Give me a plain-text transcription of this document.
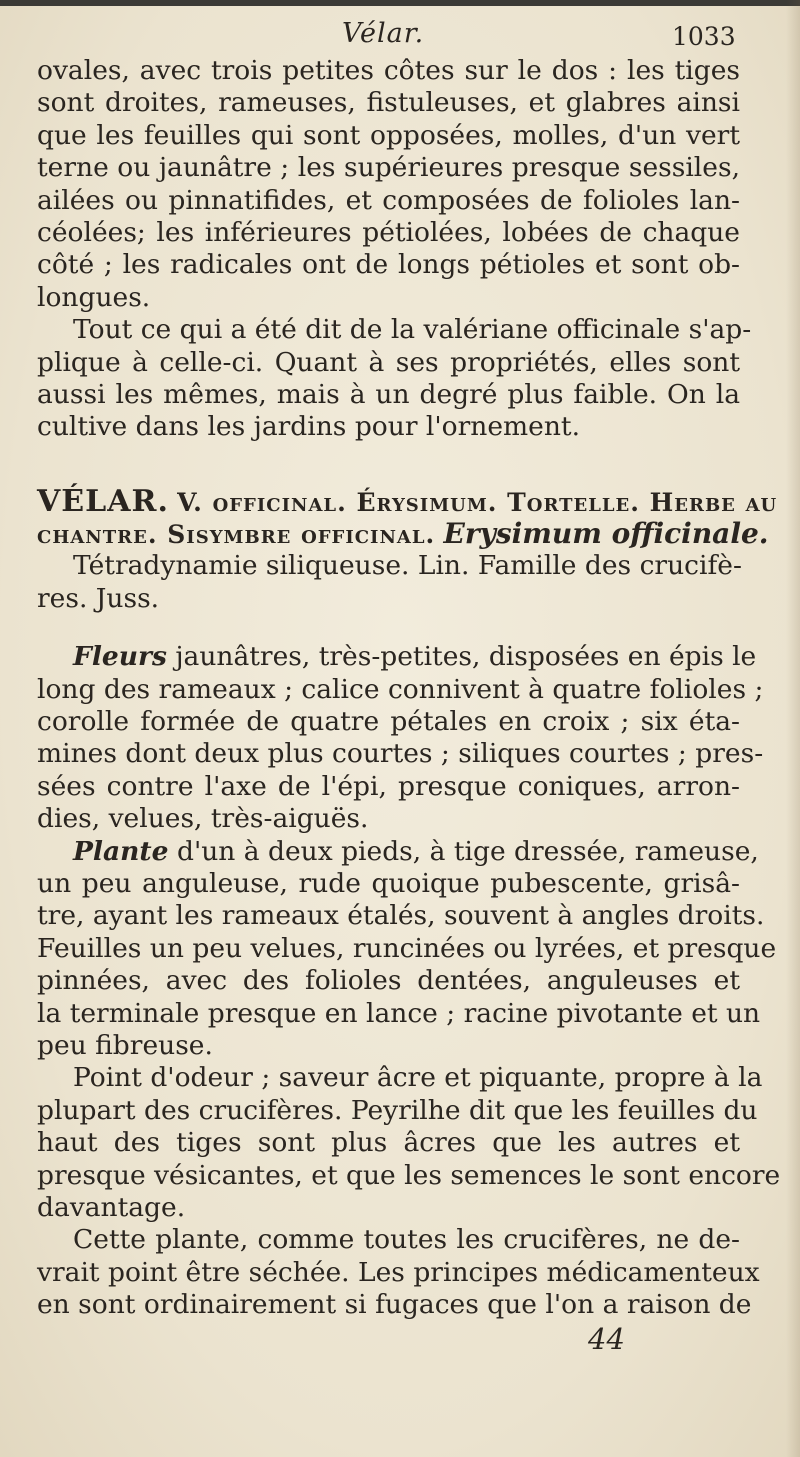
Vélar.	1033
ovales, avec trois petites côtes sur le dos : les tiges
sont droites, rameuses, fistuleuses, et glabres ainsi
que les feuilles qui sont opposées, molles, d'un vert
terne ou jaunâtre ; les supérieures presque sessiles,
ailées ou pinnatifides, et composées de folioles lan-
céolées; les inférieures pétiolées, lobées de chaque
côté ; les radicales ont de longs pétioles et sont ob-
longues.
Tout ce qui a été dit de la valériane officinale s'ap-
plique à celle-ci. Quant à ses propriétés, elles sont
aussi les mêmes, mais à un degré plus faible. On la
cultive dans les jardins pour l'ornement.
VÉLAR. V. officinal. Érysimum. Tortelle. Herbe au
chantre. Sisymbre officinal. Erysimum officinale.
Tétradynamie siliqueuse. Lin. Famille des crucifè-
res. Juss.
Fleurs jaunâtres, très-petites, disposées en épis le
long des rameaux ; calice connivent à quatre folioles ;
corolle formée de quatre pétales en croix ; six éta-
mines dont deux plus courtes ; siliques courtes ; pres-
sées contre l'axe de l'épi, presque coniques, arron-
dies, velues, très-aiguës.
Plante d'un à deux pieds, à tige dressée, rameuse,
un peu anguleuse, rude quoique pubescente, grisâ-
tre, ayant les rameaux étalés, souvent à angles droits.
Feuilles un peu velues, runcinées ou lyrées, et presque
pinnées, avec des folioles dentées, anguleuses et
la terminale presque en lance ; racine pivotante et un
peu fibreuse.
Point d'odeur ; saveur âcre et piquante, propre à la
plupart des crucifères. Peyrilhe dit que les feuilles du
haut des tiges sont plus âcres que les autres et
presque vésicantes, et que les semences le sont encore
davantage.
Cette plante, comme toutes les crucifères, ne de-
vrait point être séchée. Les principes médicamenteux
en sont ordinairement si fugaces que l'on a raison de
44
